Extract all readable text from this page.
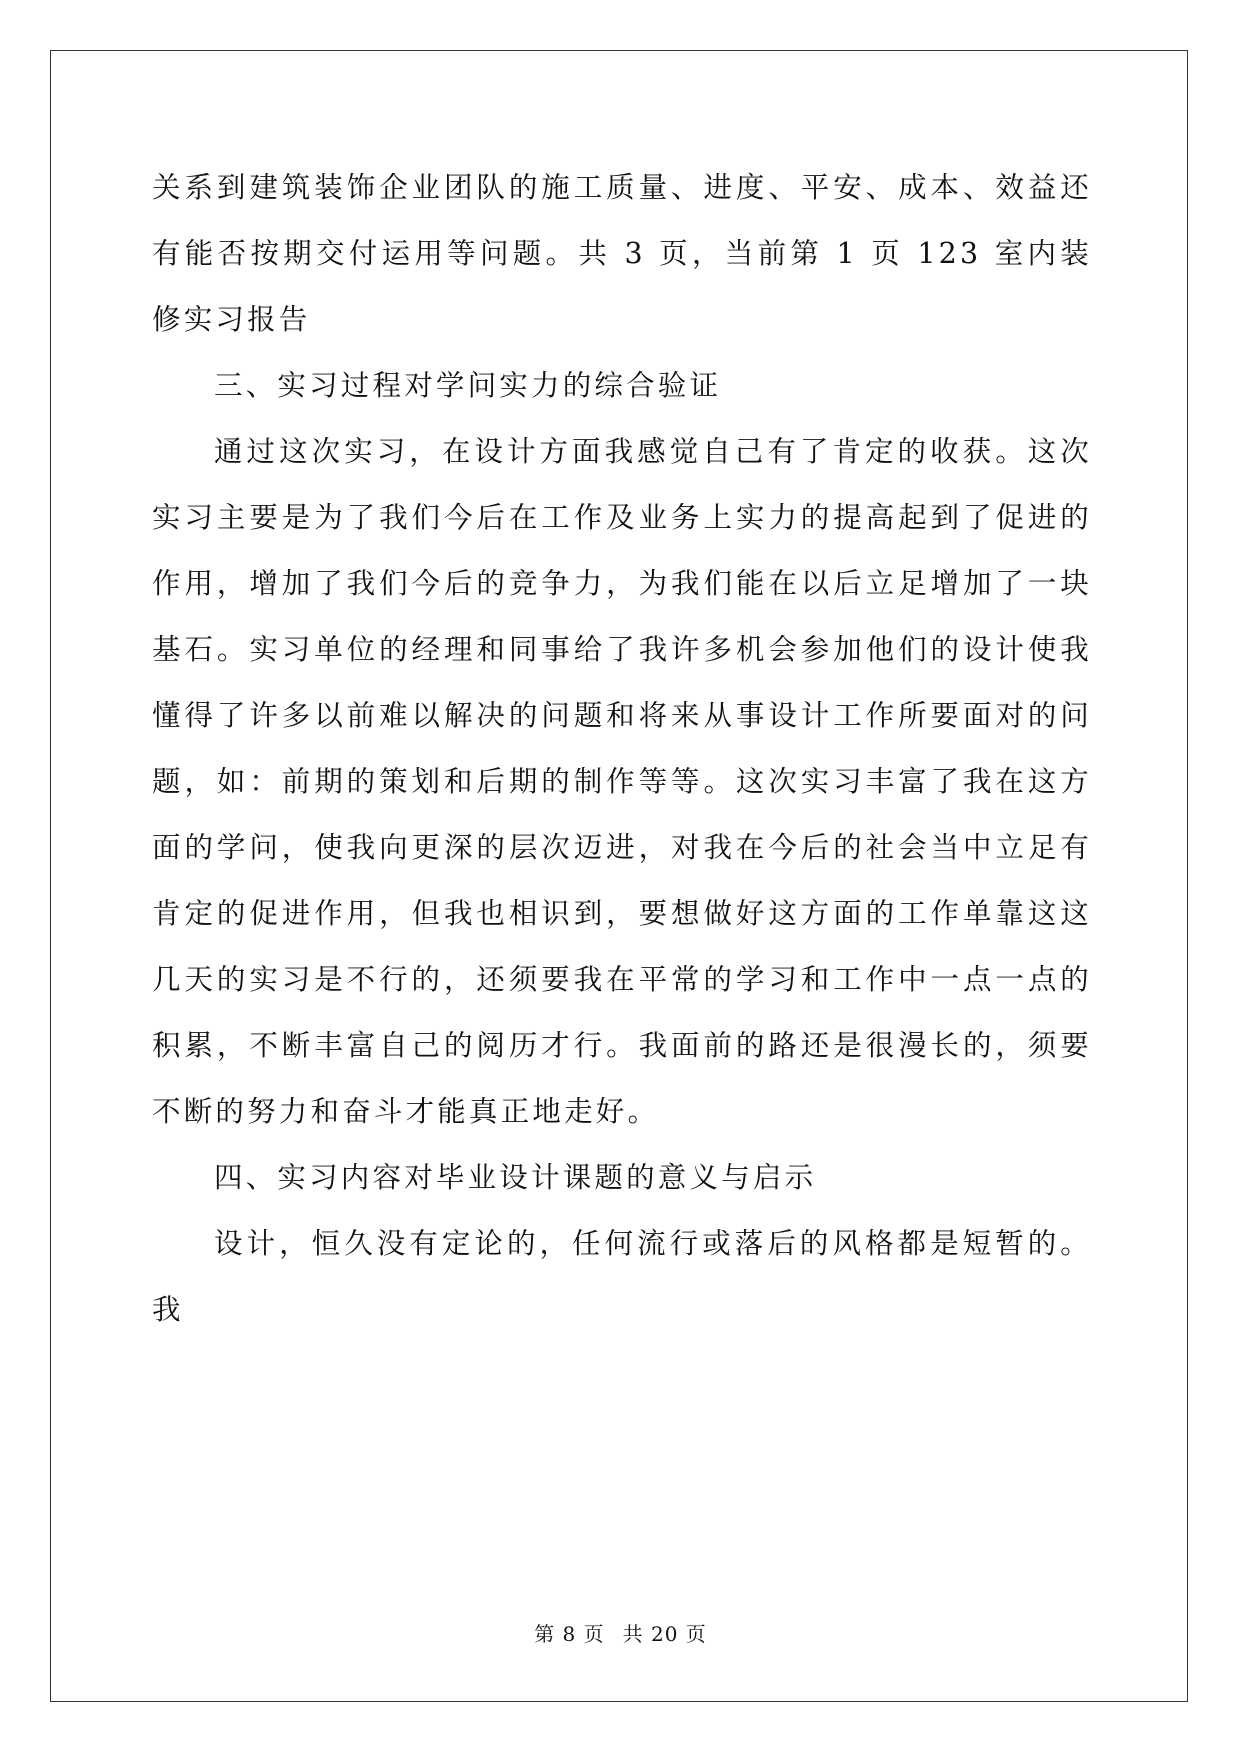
关系到建筑装饰企业团队的施工质量、进度、平安、成本、效益还有能否按期交付运用等问题。共 3 页，当前第 1 页 123 室内装修实习报告

三、实习过程对学问实力的综合验证

通过这次实习，在设计方面我感觉自己有了肯定的收获。这次实习主要是为了我们今后在工作及业务上实力的提高起到了促进的作用，增加了我们今后的竞争力，为我们能在以后立足增加了一块基石。实习单位的经理和同事给了我许多机会参加他们的设计使我懂得了许多以前难以解决的问题和将来从事设计工作所要面对的问题，如：前期的策划和后期的制作等等。这次实习丰富了我在这方面的学问，使我向更深的层次迈进，对我在今后的社会当中立足有肯定的促进作用，但我也相识到，要想做好这方面的工作单靠这这几天的实习是不行的，还须要我在平常的学习和工作中一点一点的积累，不断丰富自己的阅历才行。我面前的路还是很漫长的，须要不断的努力和奋斗才能真正地走好。

四、实习内容对毕业设计课题的意义与启示

设计，恒久没有定论的，任何流行或落后的风格都是短暂的。我

第 8 页 共 20 页
